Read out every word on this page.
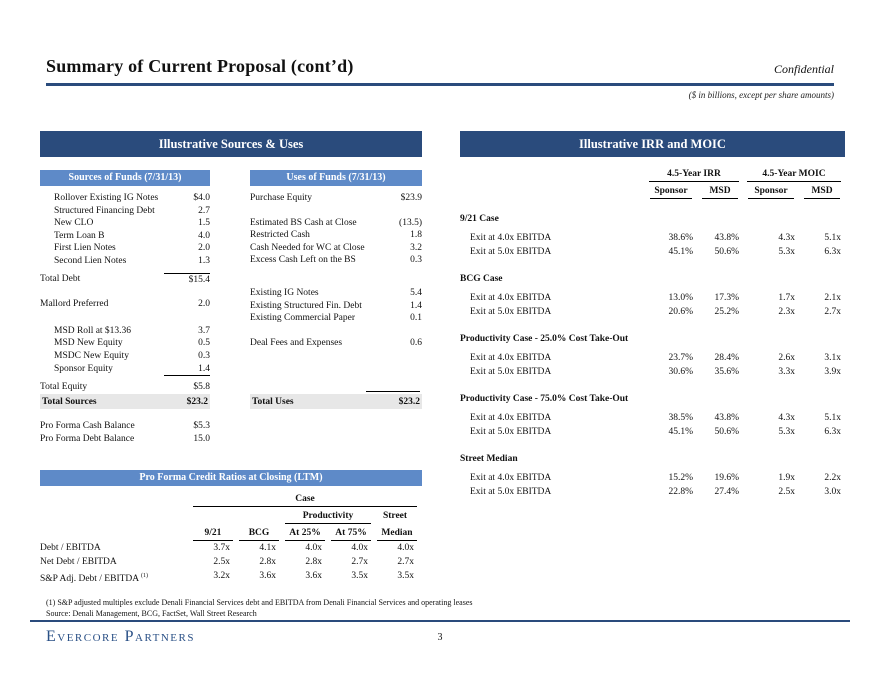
Summary of Current Proposal (cont’d)	Confidential
($ in billions, except per share amounts)
Illustrative Sources & Uses	Illustrative IRR and MOIC
Sources of Funds (7/31/13)	Uses of Funds (7/31/13)
Rollover Existing IG Notes	$4.0
Structured Financing Debt	2.7
New CLO	1.5
Term Loan B	4.0
First Lien Notes	2.0
Second Lien Notes	1.3
Total Debt	$15.4
Mallord Preferred	2.0
MSD Roll at $13.36	3.7
MSD New Equity	0.5
MSDC New Equity	0.3
Sponsor Equity	1.4
Total Equity	$5.8
Total Sources	$23.2
Pro Forma Cash Balance	$5.3
Pro Forma Debt Balance	15.0
Purchase Equity	$23.9
Estimated BS Cash at Close	(13.5)
Restricted Cash	1.8
Cash Needed for WC at Close	3.2
Excess Cash Left on the BS	0.3
Existing IG Notes	5.4
Existing Structured Fin. Debt	1.4
Existing Commercial Paper	0.1
Deal Fees and Expenses	0.6
Total Uses	$23.2
Pro Forma Credit Ratios at Closing (LTM)
Case
Productivity	Street
9/21	BCG	At 25%	At 75%	Median
Debt / EBITDA	3.7x	4.1x	4.0x	4.0x	4.0x
Net Debt / EBITDA	2.5x	2.8x	2.8x	2.7x	2.7x
S&P Adj. Debt / EBITDA $^{(1)}$	3.2x	3.6x	3.6x	3.5x	3.5x
4.5-Year IRR	4.5-Year MOIC
Sponsor	MSD	Sponsor	MSD
9/21 Case
Exit at 4.0x EBITDA	38.6%	43.8%	4.3x	5.1x
Exit at 5.0x EBITDA	45.1%	50.6%	5.3x	6.3x
BCG Case
Exit at 4.0x EBITDA	13.0%	17.3%	1.7x	2.1x
Exit at 5.0x EBITDA	20.6%	25.2%	2.3x	2.7x
Productivity Case - 25.0% Cost Take-Out
Exit at 4.0x EBITDA	23.7%	28.4%	2.6x	3.1x
Exit at 5.0x EBITDA	30.6%	35.6%	3.3x	3.9x
Productivity Case - 75.0% Cost Take-Out
Exit at 4.0x EBITDA	38.5%	43.8%	4.3x	5.1x
Exit at 5.0x EBITDA	45.1%	50.6%	5.3x	6.3x
Street Median
Exit at 4.0x EBITDA	15.2%	19.6%	1.9x	2.2x
Exit at 5.0x EBITDA	22.8%	27.4%	2.5x	3.0x
(1) S&P adjusted multiples exclude Denali Financial Services debt and EBITDA from Denali Financial Services and operating leases
Source: Denali Management, BCG, FactSet, Wall Street Research
Evercore Partners	3
